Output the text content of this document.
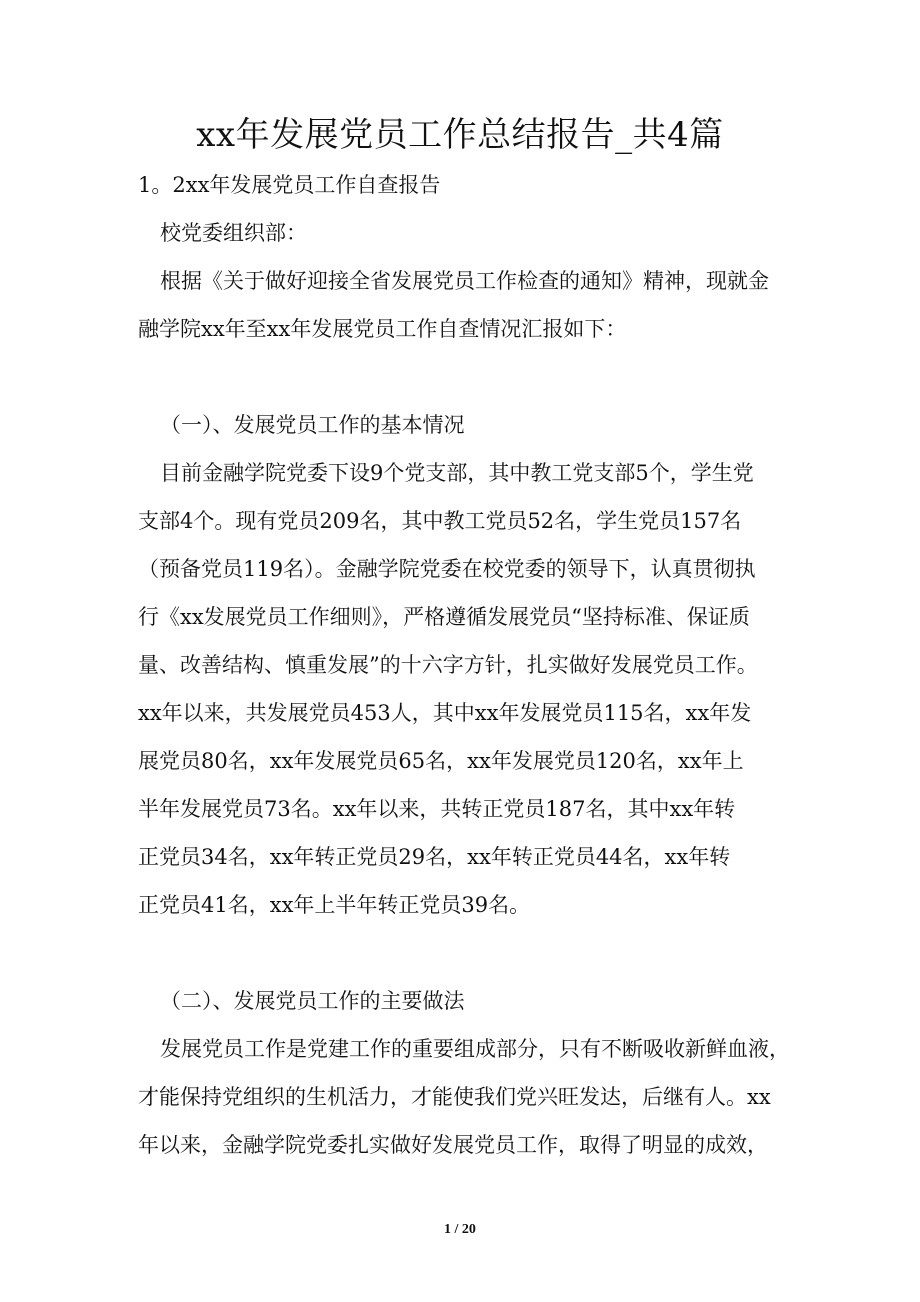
xx年发展党员工作总结报告_共4篇
1。2xx年发展党员工作自查报告
校党委组织部：
根据《关于做好迎接全省发展党员工作检查的通知》精神，现就金
融学院xx年至xx年发展党员工作自查情况汇报如下：
（一）、发展党员工作的基本情况
目前金融学院党委下设9个党支部，其中教工党支部5个，学生党
支部4个。现有党员209名，其中教工党员52名，学生党员157名
（预备党员119名）。金融学院党委在校党委的领导下，认真贯彻执
行《xx发展党员工作细则》，严格遵循发展党员“坚持标准、保证质
量、改善结构、慎重发展”的十六字方针，扎实做好发展党员工作。
xx年以来，共发展党员453人，其中xx年发展党员115名，xx年发
展党员80名，xx年发展党员65名，xx年发展党员120名，xx年上
半年发展党员73名。xx年以来，共转正党员187名，其中xx年转
正党员34名，xx年转正党员29名，xx年转正党员44名，xx年转
正党员41名，xx年上半年转正党员39名。
（二）、发展党员工作的主要做法
发展党员工作是党建工作的重要组成部分，只有不断吸收新鲜血液，
才能保持党组织的生机活力，才能使我们党兴旺发达，后继有人。xx
年以来，金融学院党委扎实做好发展党员工作，取得了明显的成效，
1 / 20
